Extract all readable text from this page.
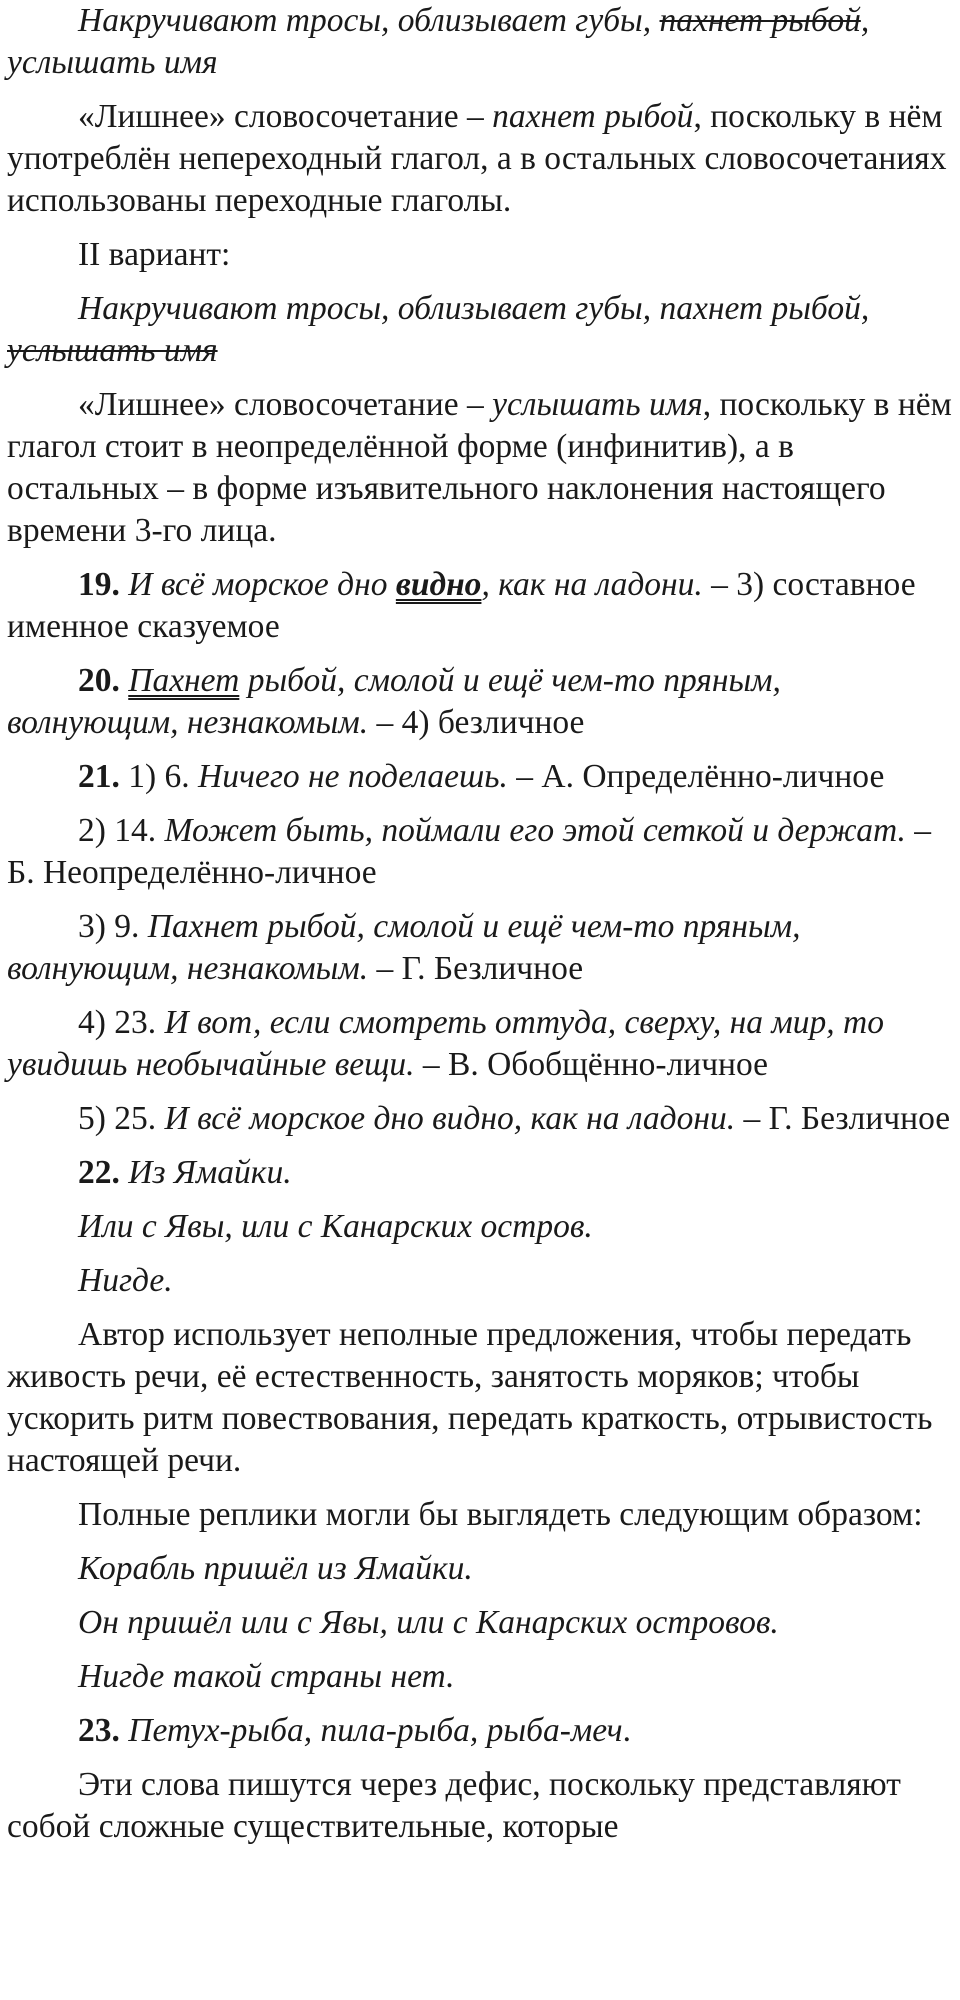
Накручивают тросы, облизывает губы, пахнет рыбой, услышать имя

«Лишнее» словосочетание – пахнет рыбой, поскольку в нём употреблён непереходный глагол, а в остальных словосочетаниях использованы переходные глаголы.

II вариант:

Накручивают тросы, облизывает губы, пахнет рыбой, услышать имя

«Лишнее» словосочетание – услышать имя, поскольку в нём глагол стоит в неопределённой форме (инфинитив), а в остальных – в форме изъявительного наклонения настоящего времени 3-го лица.

19. И всё морское дно видно, как на ладони. – 3) составное именное сказуемое

20. Пахнет рыбой, смолой и ещё чем-то пряным, волнующим, незнакомым. – 4) безличное

21. 1) 6. Ничего не поделаешь. – А. Определённо-личное

2) 14. Может быть, поймали его этой сеткой и держат. – Б. Неопределённо-личное

3) 9. Пахнет рыбой, смолой и ещё чем-то пряным, волнующим, незнакомым. – Г. Безличное

4) 23. И вот, если смотреть оттуда, сверху, на мир, то увидишь необычайные вещи. – В. Обобщённо-личное

5) 25. И всё морское дно видно, как на ладони. – Г. Безличное

22. Из Ямайки.

Или с Явы, или с Канарских остров.

Нигде.

Автор использует неполные предложения, чтобы передать живость речи, её естественность, занятость моряков; чтобы ускорить ритм повествования, передать краткость, отрывистость настоящей речи.

Полные реплики могли бы выглядеть следующим образом:

Корабль пришёл из Ямайки.

Он пришёл или с Явы, или с Канарских островов.

Нигде такой страны нет.

23. Петух-рыба, пила-рыба, рыба-меч.

Эти слова пишутся через дефис, поскольку представляют собой сложные существительные, которые
